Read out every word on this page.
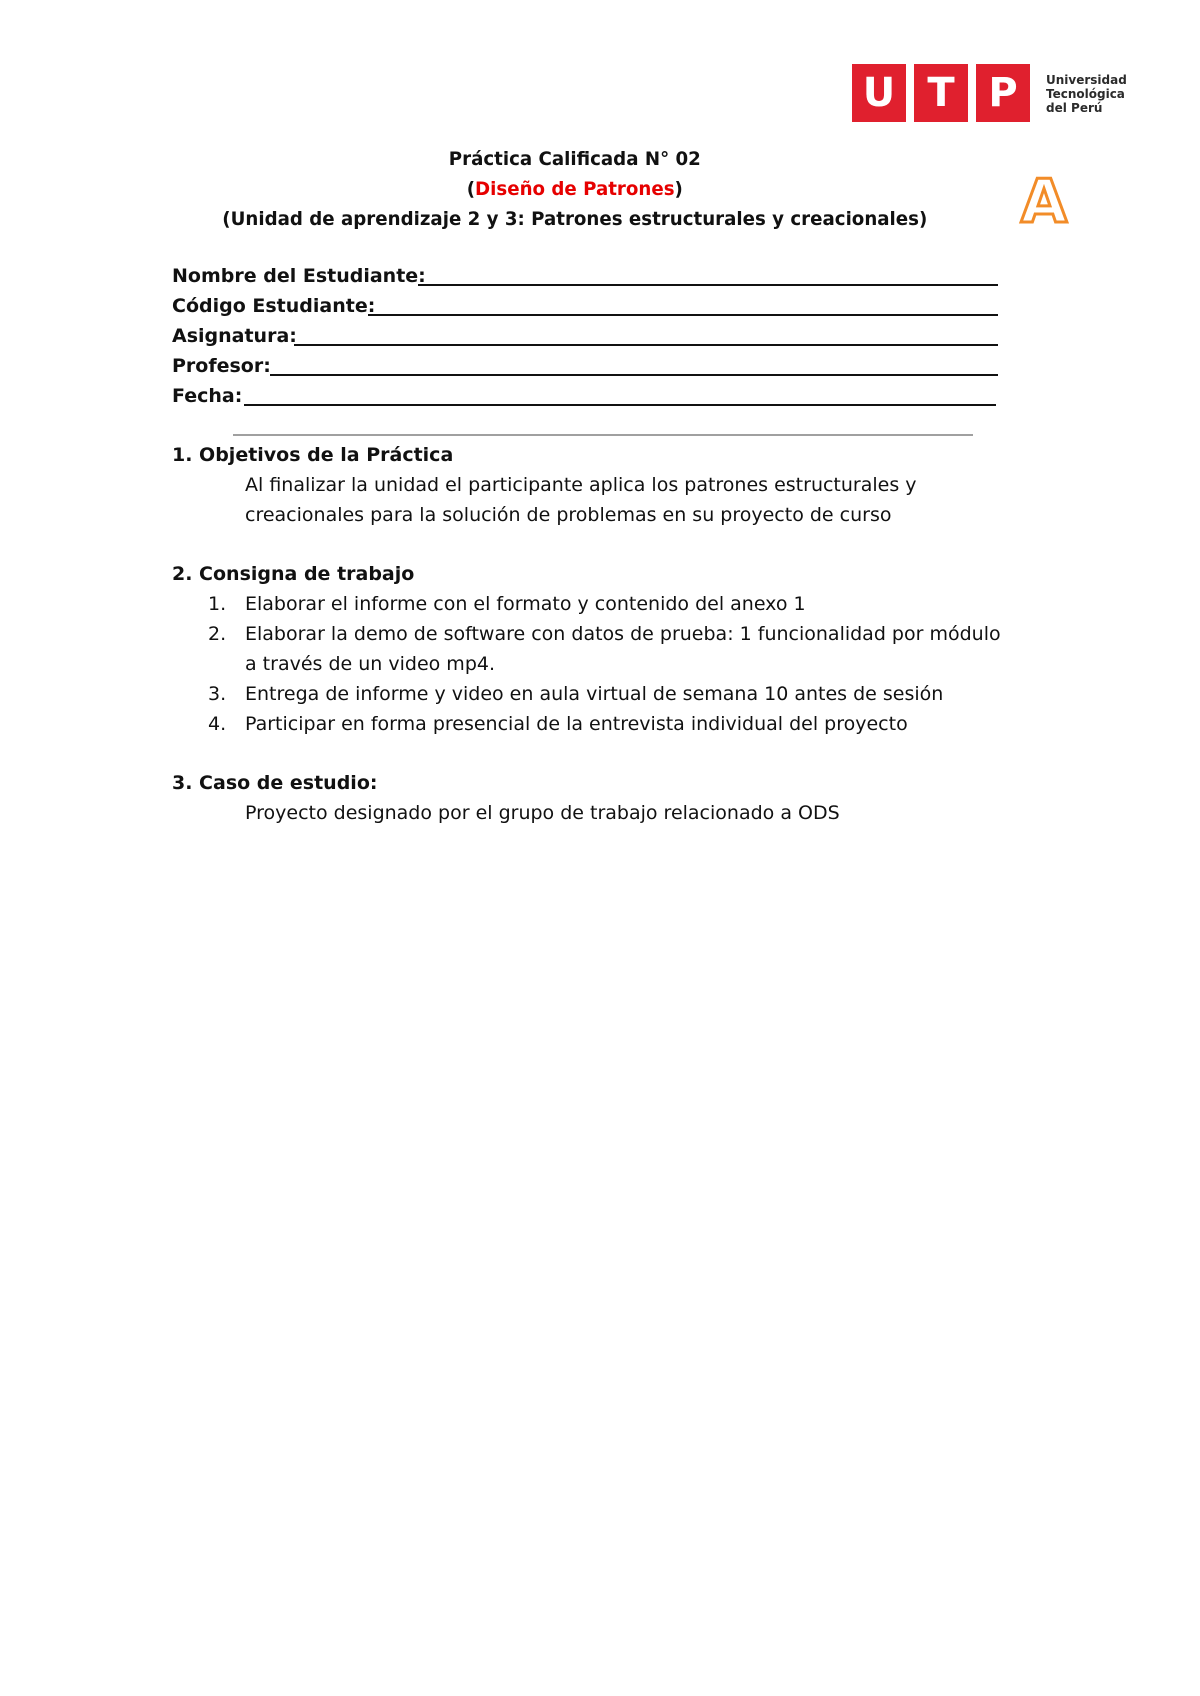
U T P	Universidad
Tecnológica
del Perú
A
Práctica Calificada N° 02
(Diseño de Patrones)
(Unidad de aprendizaje 2 y 3: Patrones estructurales y creacionales)
Nombre del Estudiante:
Código Estudiante:
Asignatura:
Profesor:
Fecha:
1. Objetivos de la Práctica
Al finalizar la unidad el participante aplica los patrones estructurales y
creacionales para la solución de problemas en su proyecto de curso
2. Consigna de trabajo
1. Elaborar el informe con el formato y contenido del anexo 1
2. Elaborar la demo de software con datos de prueba: 1 funcionalidad por módulo
a través de un video mp4.
3. Entrega de informe y video en aula virtual de semana 10 antes de sesión
4. Participar en forma presencial de la entrevista individual del proyecto
3. Caso de estudio:
Proyecto designado por el grupo de trabajo relacionado a ODS
